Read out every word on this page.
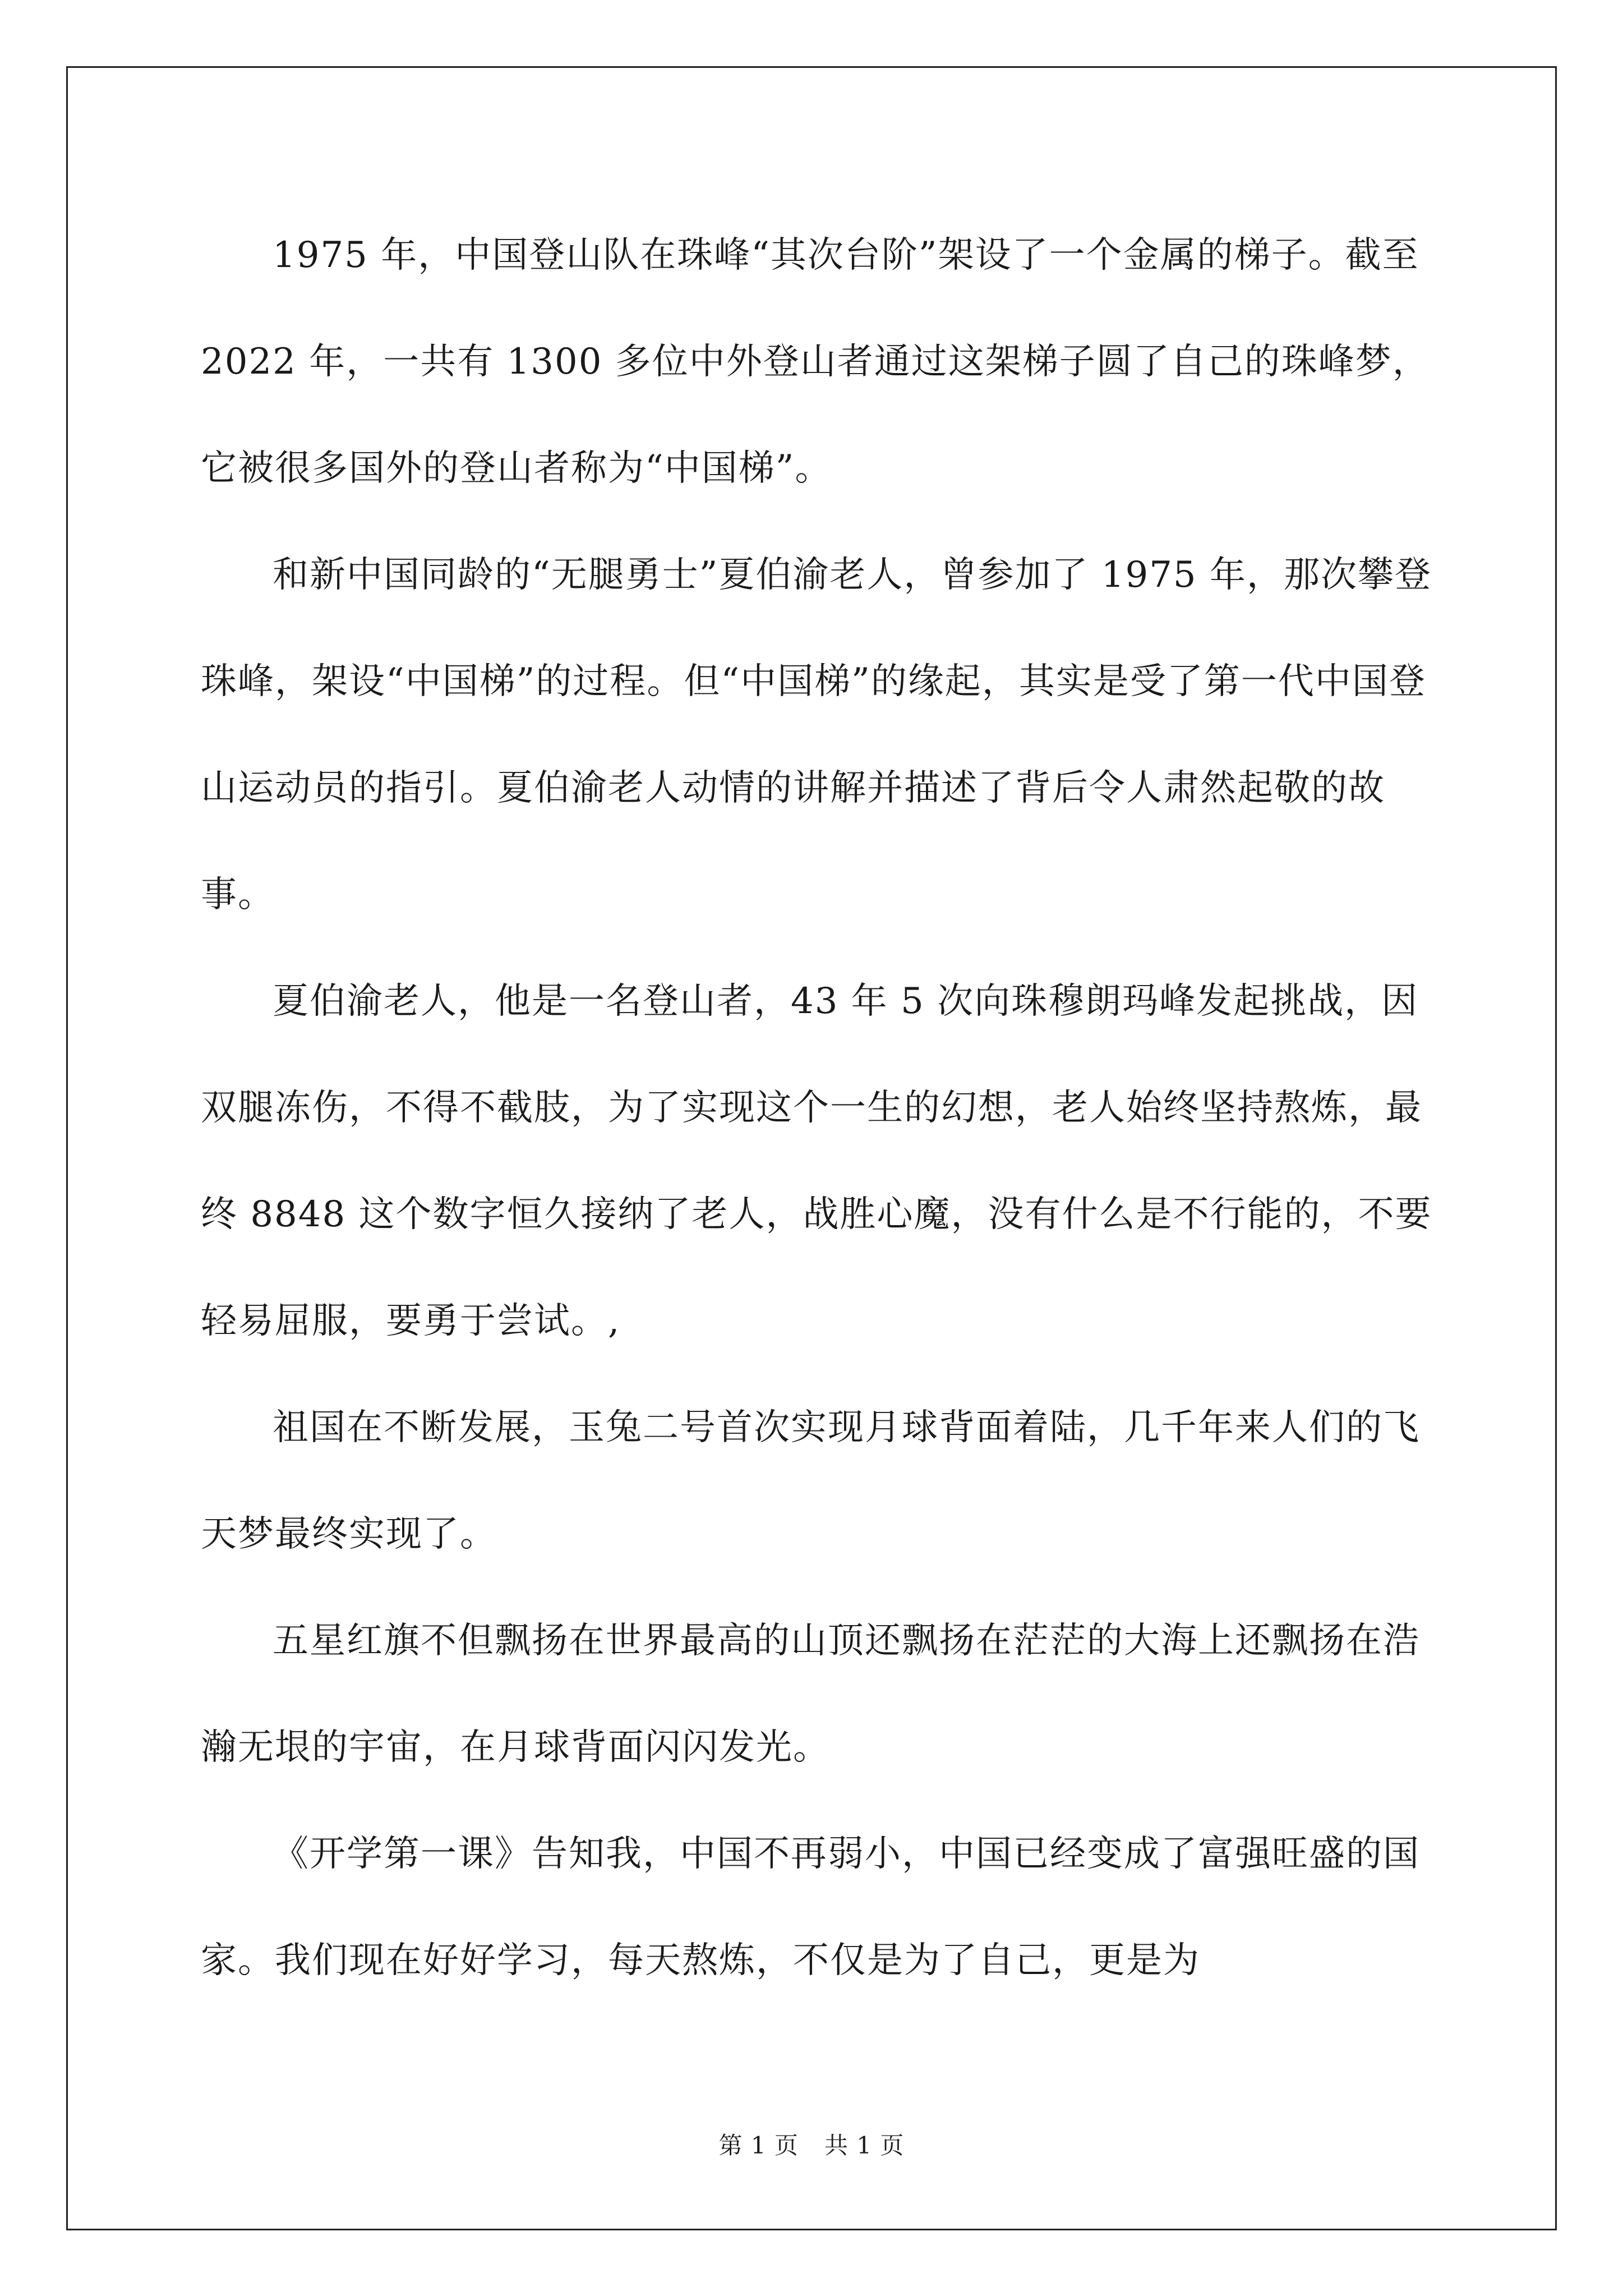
1975 年，中国登山队在珠峰“其次台阶”架设了一个金属的梯子。截至 2022 年，一共有 1300 多位中外登山者通过这架梯子圆了自己的珠峰梦，它被很多国外的登山者称为“中国梯”。

和新中国同龄的“无腿勇士”夏伯渝老人，曾参加了 1975 年，那次攀登珠峰，架设“中国梯”的过程。但“中国梯”的缘起，其实是受了第一代中国登山运动员的指引。夏伯渝老人动情的讲解并描述了背后令人肃然起敬的故事。

夏伯渝老人，他是一名登山者，43 年 5 次向珠穆朗玛峰发起挑战，因双腿冻伤，不得不截肢，为了实现这个一生的幻想，老人始终坚持熬炼，最终 8848 这个数字恒久接纳了老人，战胜心魔，没有什么是不行能的，不要轻易屈服，要勇于尝试。,

祖国在不断发展，玉兔二号首次实现月球背面着陆，几千年来人们的飞天梦最终实现了。

五星红旗不但飘扬在世界最高的山顶还飘扬在茫茫的大海上还飘扬在浩瀚无垠的宇宙，在月球背面闪闪发光。

《开学第一课》告知我，中国不再弱小，中国已经变成了富强旺盛的国家。我们现在好好学习，每天熬炼，不仅是为了自己，更是为

第 1 页 共 1 页
